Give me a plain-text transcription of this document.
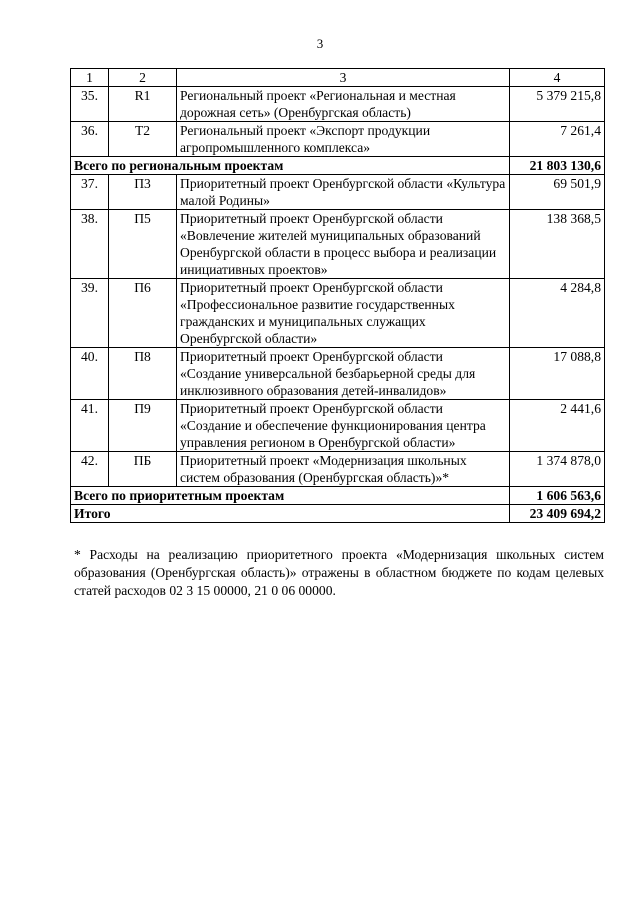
3
1	2	3	4
35.	R1	Региональный проект «Региональная и местная дорожная сеть» (Оренбургская область)	5 379 215,8
36.	Т2	Региональный проект «Экспорт продукции агропромышленного комплекса»	7 261,4
Всего по региональным проектам			21 803 130,6
37.	П3	Приоритетный проект Оренбургской области «Культура малой Родины»	69 501,9
38.	П5	Приоритетный проект Оренбургской области «Вовлечение жителей муниципальных образований Оренбургской области в процесс выбора и реализации инициативных проектов»	138 368,5
39.	П6	Приоритетный проект Оренбургской области «Профессиональное развитие государственных гражданских и муниципальных служащих Оренбургской области»	4 284,8
40.	П8	Приоритетный проект Оренбургской области «Создание универсальной безбарьерной среды для инклюзивного образования детей-инвалидов»	17 088,8
41.	П9	Приоритетный проект Оренбургской области «Создание и обеспечение функционирования центра управления регионом в Оренбургской области»	2 441,6
42.	ПБ	Приоритетный проект «Модернизация школьных систем образования (Оренбургская область)»*	1 374 878,0
Всего по приоритетным проектам			1 606 563,6
Итого			23 409 694,2
* Расходы на реализацию приоритетного проекта «Модернизация школьных систем образования (Оренбургская область)» отражены в областном бюджете по кодам целевых статей расходов 02 3 15 00000, 21 0 06 00000.
